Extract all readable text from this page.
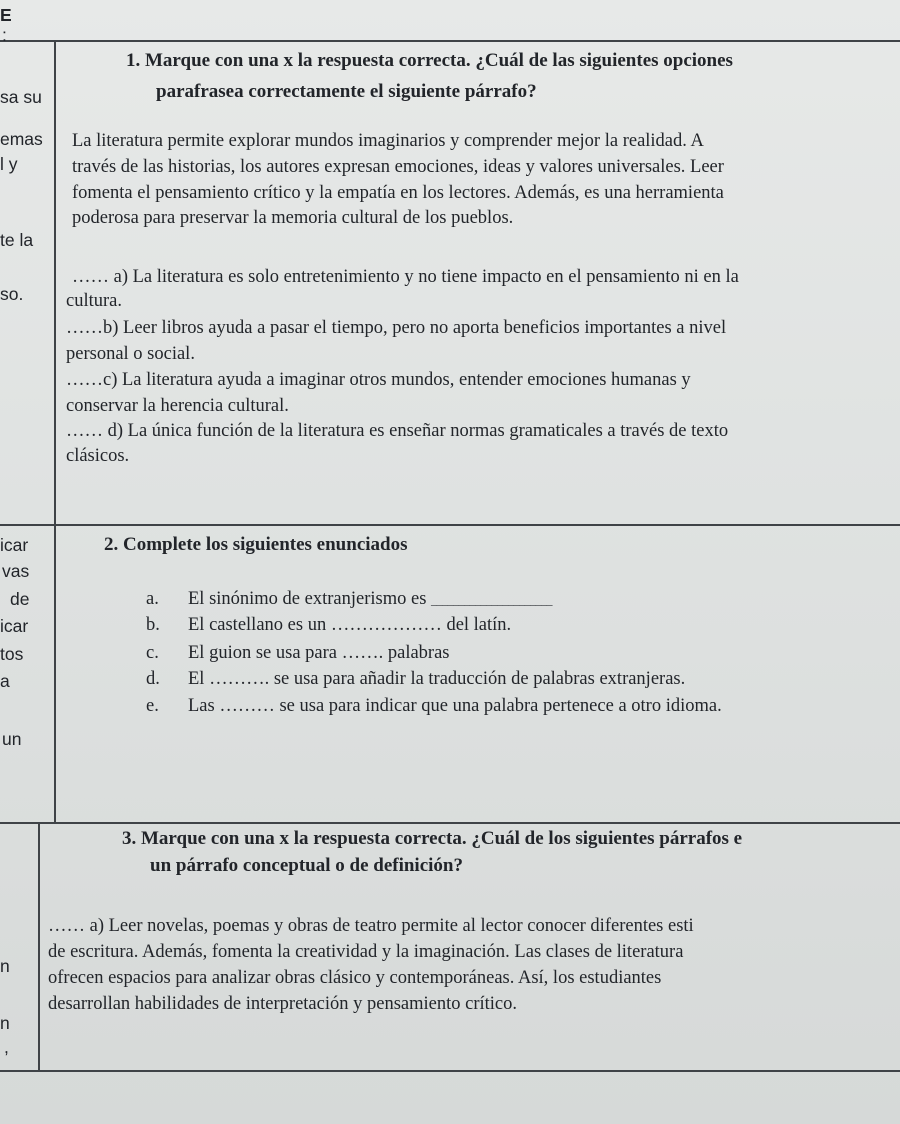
E
:
sa su
emas
l y
te la
so.
icar
vas
de
icar
tos
a
un
n
n
,
1. Marque con una x la respuesta correcta. ¿Cuál de las siguientes opciones
parafrasea correctamente el siguiente párrafo?
La literatura permite explorar mundos imaginarios y comprender mejor la realidad. A
través de las historias, los autores expresan emociones, ideas y valores universales. Leer
fomenta el pensamiento crítico y la empatía en los lectores. Además, es una herramienta
poderosa para preservar la memoria cultural de los pueblos.
…… a) La literatura es solo entretenimiento y no tiene impacto en el pensamiento ni en la
cultura.
……b) Leer libros ayuda a pasar el tiempo, pero no aporta beneficios importantes a nivel
personal o social.
……c) La literatura ayuda a imaginar otros mundos, entender emociones humanas y
conservar la herencia cultural.
…… d) La única función de la literatura es enseñar normas gramaticales a través de texto
clásicos.
2. Complete los siguientes enunciados
a. El sinónimo de extranjerismo es ______________________
b. El castellano es un ……………… del latín.
c. El guion se usa para ……. palabras
d. El ………. se usa para añadir la traducción de palabras extranjeras.
e. Las ……… se usa para indicar que una palabra pertenece a otro idioma.
3. Marque con una x la respuesta correcta. ¿Cuál de los siguientes párrafos e
un párrafo conceptual o de definición?
…… a) Leer novelas, poemas y obras de teatro permite al lector conocer diferentes esti
de escritura. Además, fomenta la creatividad y la imaginación. Las clases de literatura
ofrecen espacios para analizar obras clásico y contemporáneas. Así, los estudiantes
desarrollan habilidades de interpretación y pensamiento crítico.
